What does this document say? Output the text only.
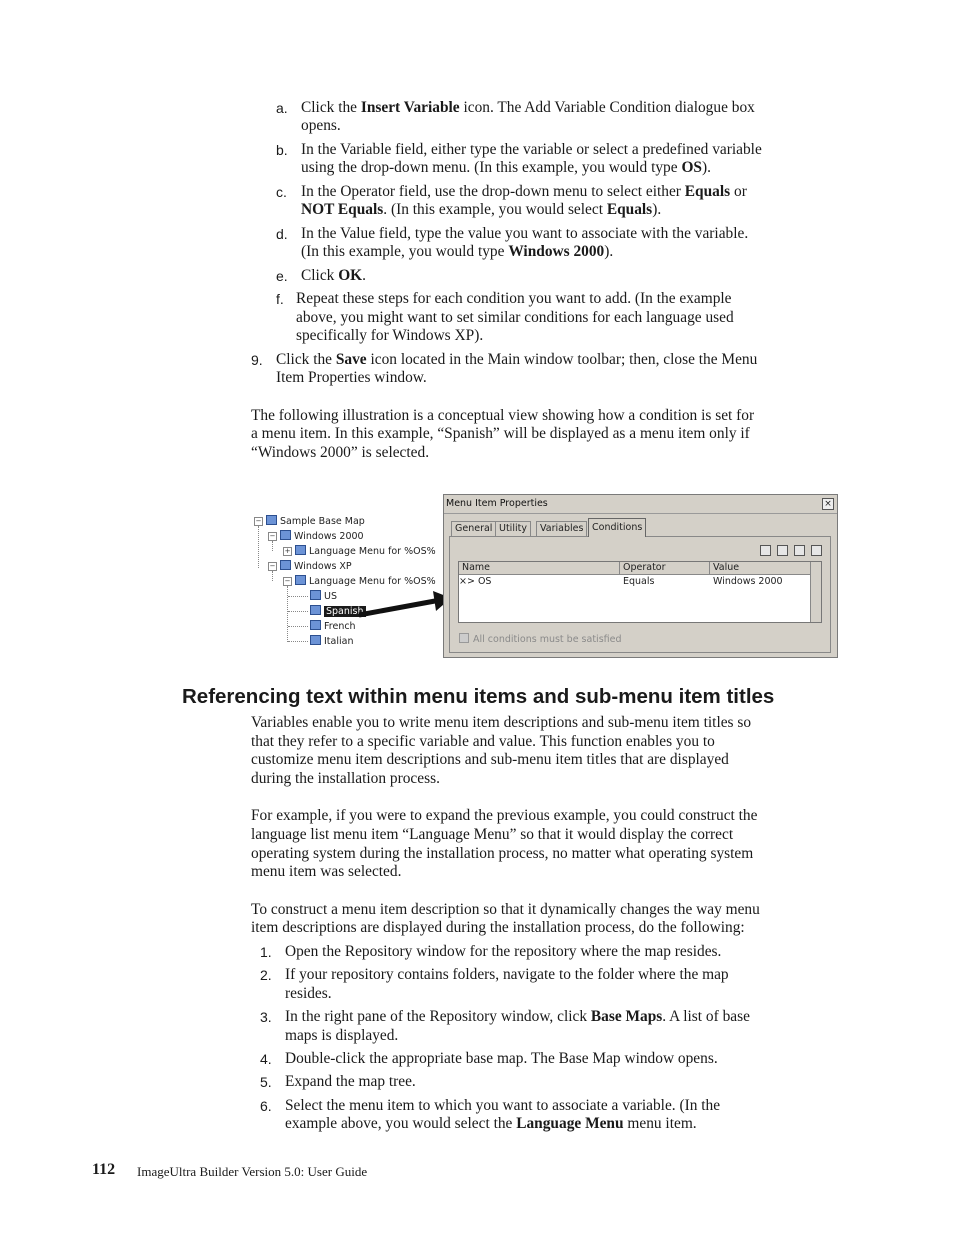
a. Click the Insert Variable icon. The Add Variable Condition dialogue box
opens.
b. In the Variable field, either type the variable or select a predefined variable
using the drop-down menu. (In this example, you would type OS).
c. In the Operator field, use the drop-down menu to select either Equals or
NOT Equals. (In this example, you would select Equals).
d. In the Value field, type the value you want to associate with the variable.
(In this example, you would type Windows 2000).
e. Click OK.
f. Repeat these steps for each condition you want to add. (In the example
above, you might want to set similar conditions for each language used
specifically for Windows XP).
9. Click the Save icon located in the Main window toolbar; then, close the Menu
Item Properties window.
The following illustration is a conceptual view showing how a condition is set for
a menu item. In this example, “Spanish” will be displayed as a menu item only if
“Windows 2000” is selected.
− Sample Base Map
− Windows 2000
+ Language Menu for %OS%
− Windows XP
− Language Menu for %OS%
US
Spanish
French
Italian
Menu Item Properties	×
General Utility	Variables Conditions
Name	Operator	Value
×> OS	Equals	Windows 2000
All conditions must be satisfied
Referencing text within menu items and sub-menu item titles
Variables enable you to write menu item descriptions and sub-menu item titles so
that they refer to a specific variable and value. This function enables you to
customize menu item descriptions and sub-menu item titles that are displayed
during the installation process.
For example, if you were to expand the previous example, you could construct the
language list menu item “Language Menu” so that it would display the correct
operating system during the installation process, no matter what operating system
menu item was selected.
To construct a menu item description so that it dynamically changes the way menu
item descriptions are displayed during the installation process, do the following:
1. Open the Repository window for the repository where the map resides.
2. If your repository contains folders, navigate to the folder where the map
resides.
3. In the right pane of the Repository window, click Base Maps. A list of base
maps is displayed.
4. Double-click the appropriate base map. The Base Map window opens.
5. Expand the map tree.
6. Select the menu item to which you want to associate a variable. (In the
example above, you would select the Language Menu menu item.
112 ImageUltra Builder Version 5.0: User Guide
